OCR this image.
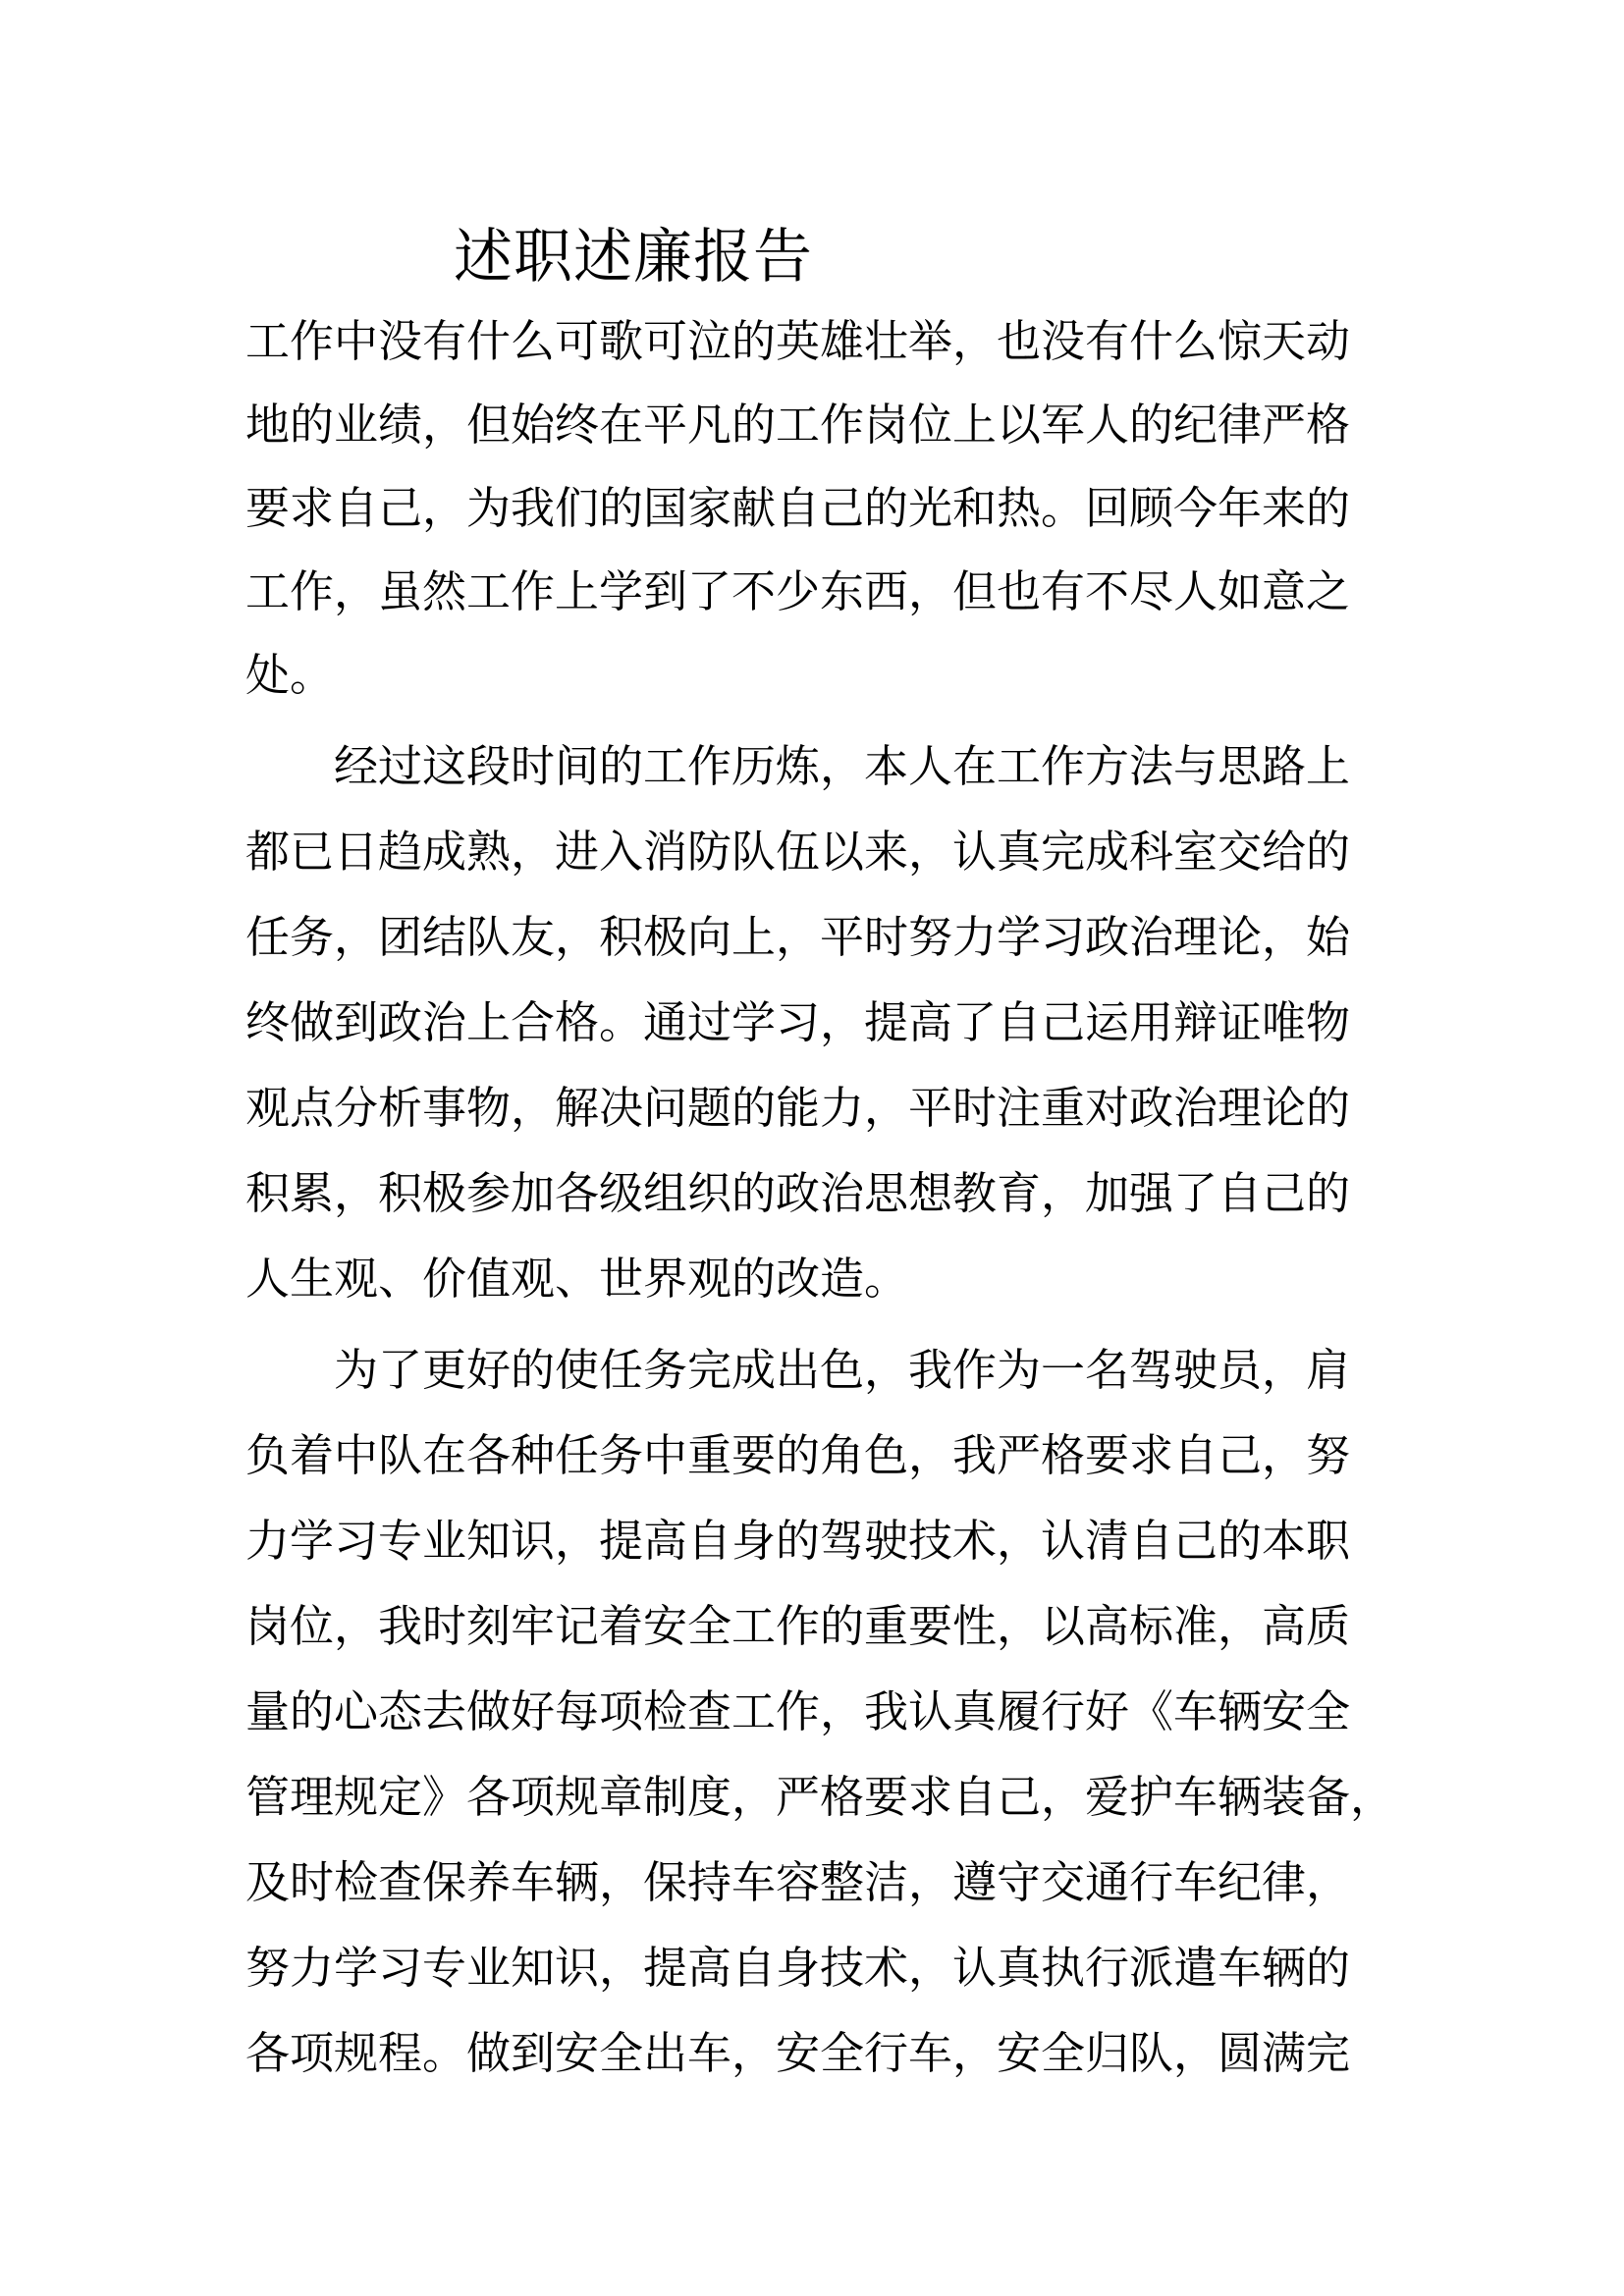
述职述廉报告
工作中没有什么可歌可泣的英雄壮举，也没有什么惊天动
地的业绩，但始终在平凡的工作岗位上以军人的纪律严格
要求自己，为我们的国家献自己的光和热。回顾今年来的
工作，虽然工作上学到了不少东西，但也有不尽人如意之
处。
　　经过这段时间的工作历炼，本人在工作方法与思路上
都已日趋成熟，进入消防队伍以来，认真完成科室交给的
任务，团结队友，积极向上，平时努力学习政治理论，始
终做到政治上合格。通过学习，提高了自己运用辩证唯物
观点分析事物，解决问题的能力，平时注重对政治理论的
积累，积极参加各级组织的政治思想教育，加强了自己的
人生观、价值观、世界观的改造。
　　为了更好的使任务完成出色，我作为一名驾驶员，肩
负着中队在各种任务中重要的角色，我严格要求自己，努
力学习专业知识，提高自身的驾驶技术，认清自己的本职
岗位，我时刻牢记着安全工作的重要性，以高标准，高质
量的心态去做好每项检查工作，我认真履行好《车辆安全
管理规定》各项规章制度，严格要求自己，爱护车辆装备，
及时检查保养车辆，保持车容整洁，遵守交通行车纪律，
努力学习专业知识，提高自身技术，认真执行派遣车辆的
各项规程。做到安全出车，安全行车，安全归队，圆满完
